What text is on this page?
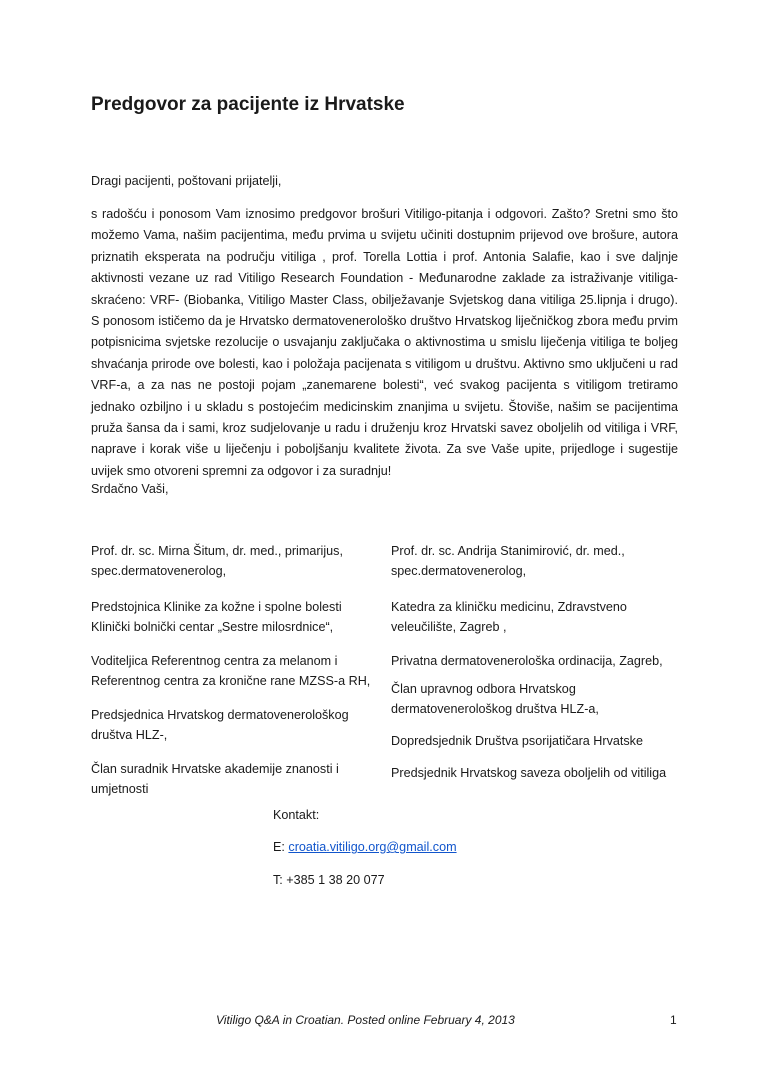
Predgovor za pacijente iz Hrvatske

Dragi pacijenti, poštovani prijatelji,

s radošću i ponosom Vam iznosimo predgovor brošuri Vitiligo-pitanja i odgovori. Zašto? Sretni smo što možemo Vama, našim pacijentima, među prvima u svijetu učiniti dostupnim prijevod ove brošure, autora priznatih eksperata na području vitiliga , prof. Torella Lottia i prof. Antonia Salafie, kao i sve daljnje aktivnosti vezane uz rad Vitiligo Research Foundation - Međunarodne zaklade za istraživanje vitiliga-skraćeno: VRF- (Biobanka, Vitiligo Master Class, obilježavanje Svjetskog dana vitiliga 25.lipnja i drugo). S ponosom ističemo da je Hrvatsko dermatovenerološko društvo Hrvatskog liječničkog zbora među prvim potpisnicima svjetske rezolucije o usvajanju zaključaka o aktivnostima u smislu liječenja vitiliga te boljeg shvaćanja prirode ove bolesti, kao i položaja pacijenata s vitiligom u društvu. Aktivno smo uključeni u rad VRF-a, a za nas ne postoji pojam „zanemarene bolesti“, već svakog pacijenta s vitiligom tretiramo jednako ozbiljno i u skladu s postojećim medicinskim znanjima u svijetu. Štoviše, našim se pacijentima pruža šansa da i sami, kroz sudjelovanje u radu i druženju kroz Hrvatski savez oboljelih od vitiliga i VRF, naprave i korak više u liječenju i poboljšanju kvalitete života. Za sve Vaše upite, prijedloge i sugestije uvijek smo otvoreni spremni za odgovor i za suradnju!

Srdačno Vaši,

Prof. dr. sc. Mirna Šitum, dr. med., primarijus, spec.dermatovenerolog,

Predstojnica Klinike za kožne i spolne bolesti Klinički bolnički centar „Sestre milosrdnice“,

Voditeljica Referentnog centra za melanom i Referentnog centra za kronične rane MZSS-a RH,

Predsjednica Hrvatskog dermatovenerološkog društva HLZ-,

Član suradnik Hrvatske akademije znanosti i umjetnosti

Prof. dr. sc. Andrija Stanimirović, dr. med., spec.dermatovenerolog,

Katedra za kliničku medicinu, Zdravstveno veleučilište, Zagreb ,

Privatna dermatovenerološka ordinacija, Zagreb,

Član upravnog odbora Hrvatskog dermatovenerološkog društva HLZ-a,

Dopredsjednik Društva psorijatičara Hrvatske

Predsjednik Hrvatskog saveza oboljelih od vitiliga

Kontakt:

E: croatia.vitiligo.org@gmail.com

T: +385 1 38 20 077

Vitiligo Q&A in Croatian. Posted online February 4, 2013	1
